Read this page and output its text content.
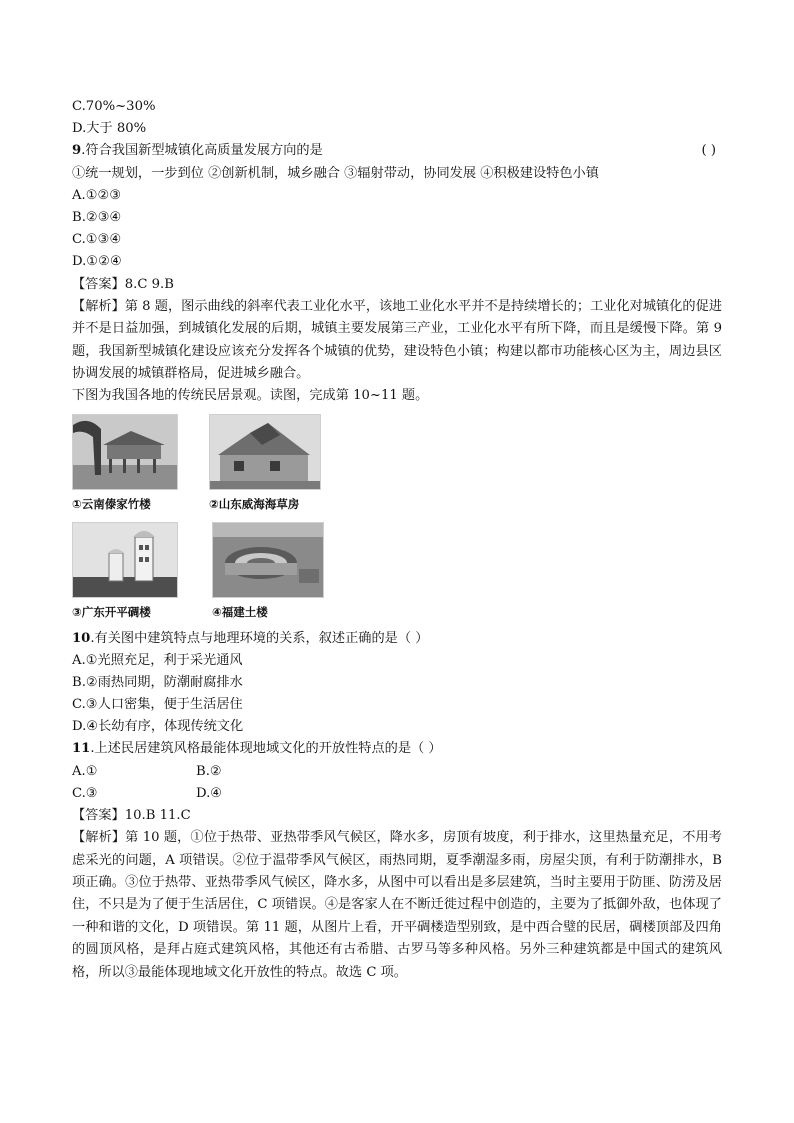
C.70%~30%
D.大于 80%
9.符合我国新型城镇化高质量发展方向的是	( )
①统一规划，一步到位 ②创新机制，城乡融合 ③辐射带动，协同发展 ④积极建设特色小镇
A.①②③
B.②③④
C.①③④
D.①②④
【答案】8.C 9.B
【解析】第 8 题，图示曲线的斜率代表工业化水平，该地工业化水平并不是持续增长的；工业化对城镇化的促进并不是日益加强，到城镇化发展的后期，城镇主要发展第三产业，工业化水平有所下降，而且是缓慢下降。第 9 题，我国新型城镇化建设应该充分发挥各个城镇的优势，建设特色小镇；构建以都市功能核心区为主，周边县区协调发展的城镇群格局，促进城乡融合。
下图为我国各地的传统民居景观。读图，完成第 10~11 题。
①云南傣家竹楼	②山东威海海草房
③广东开平碉楼	④福建土楼
10.有关图中建筑特点与地理环境的关系，叙述正确的是（ ）
A.①光照充足，利于采光通风
B.②雨热同期，防潮耐腐排水
C.③人口密集，便于生活居住
D.④长幼有序，体现传统文化
11.上述民居建筑风格最能体现地域文化的开放性特点的是（ ）
A.①	B.②
C.③	D.④
【答案】10.B 11.C
【解析】第 10 题，①位于热带、亚热带季风气候区，降水多，房顶有坡度，利于排水，这里热量充足，不用考虑采光的问题，A 项错误。②位于温带季风气候区，雨热同期，夏季潮湿多雨，房屋尖顶，有利于防潮排水，B 项正确。③位于热带、亚热带季风气候区，降水多，从图中可以看出是多层建筑，当时主要用于防匪、防涝及居住，不只是为了便于生活居住，C 项错误。④是客家人在不断迁徙过程中创造的，主要为了抵御外敌，也体现了一种和谐的文化，D 项错误。第 11 题，从图片上看，开平碉楼造型别致，是中西合璧的民居，碉楼顶部及四角的圆顶风格，是拜占庭式建筑风格，其他还有古希腊、古罗马等多种风格。另外三种建筑都是中国式的建筑风格，所以③最能体现地域文化开放性的特点。故选 C 项。
